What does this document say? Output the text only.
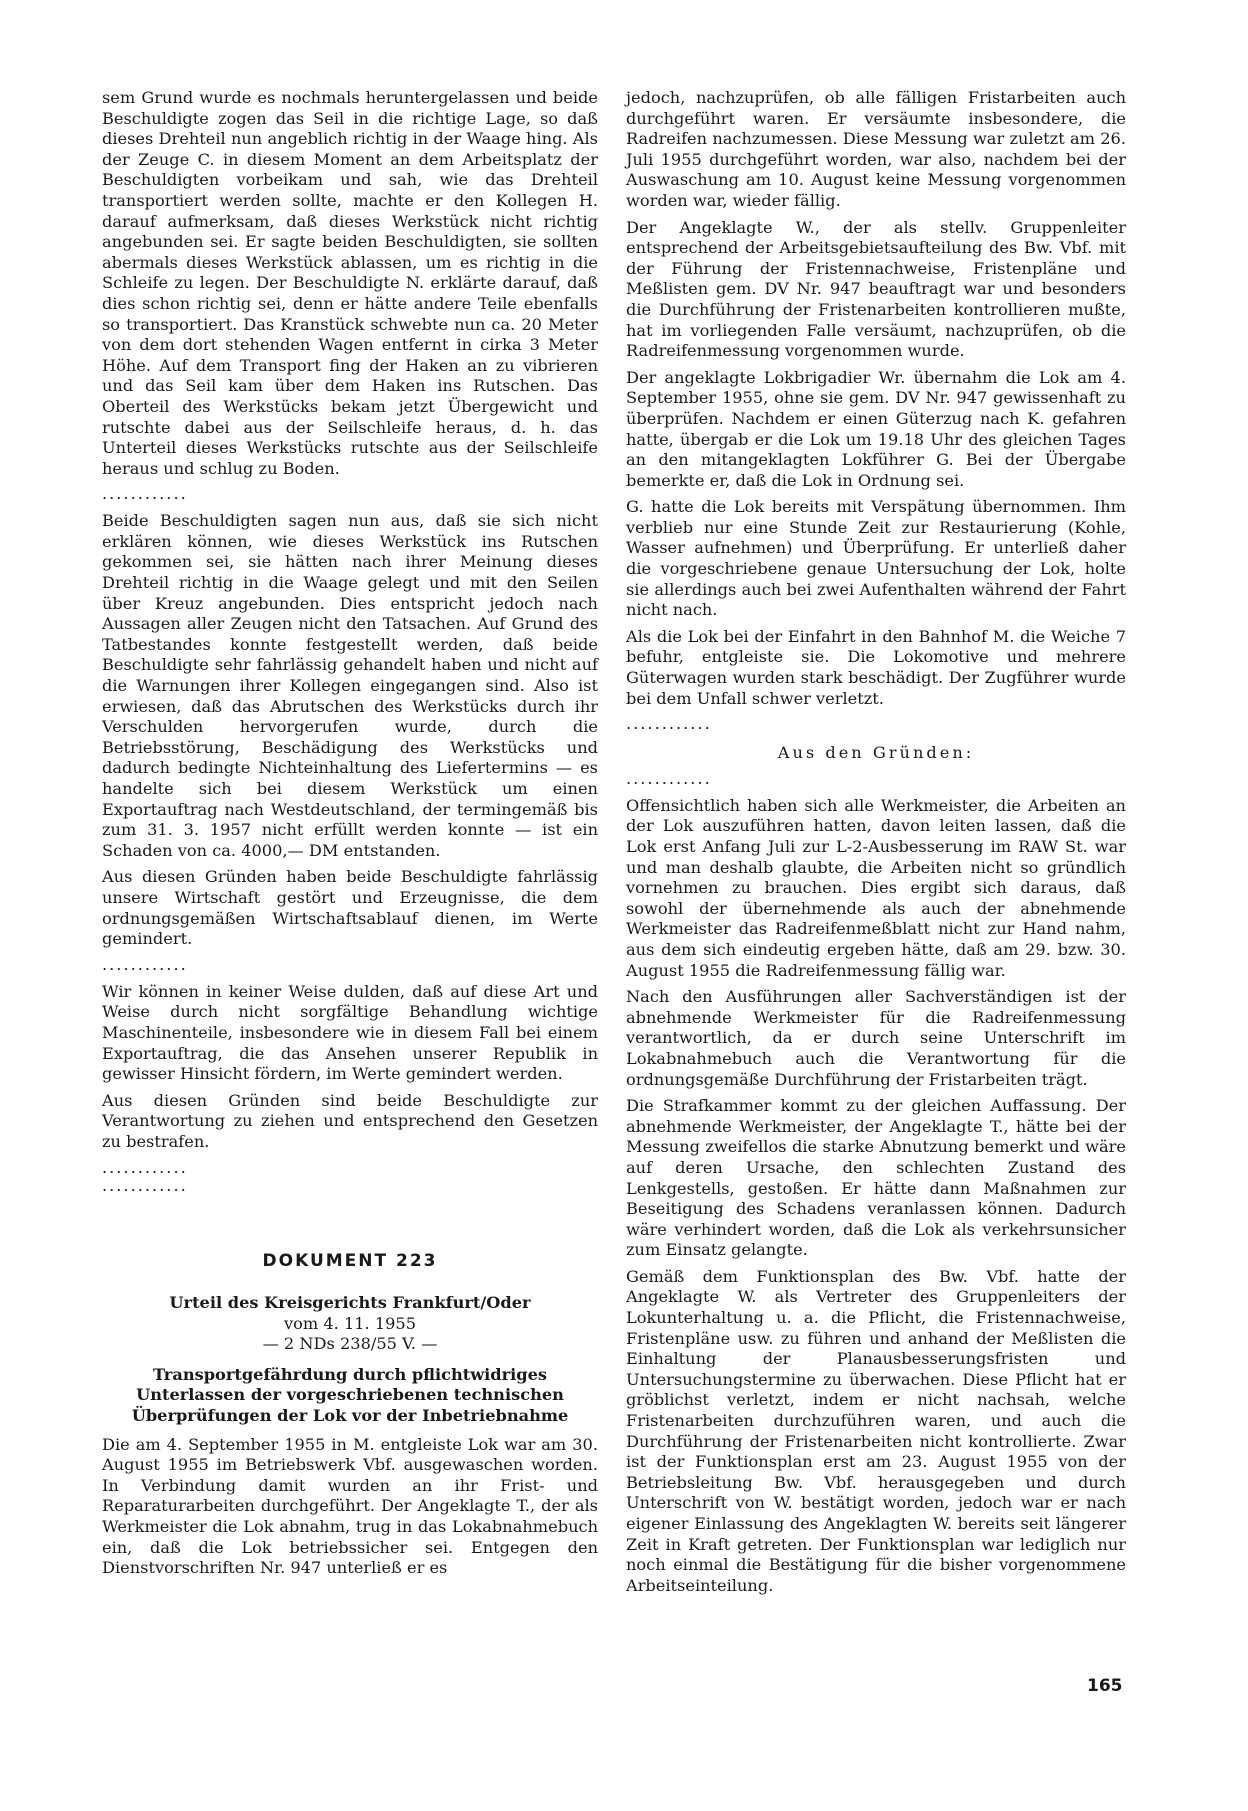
sem Grund wurde es nochmals heruntergelassen und beide Beschuldigte zogen das Seil in die richtige Lage, so daß dieses Drehteil nun angeblich richtig in der Waage hing. Als der Zeuge C. in diesem Moment an dem Arbeitsplatz der Beschuldigten vorbeikam und sah, wie das Drehteil transportiert werden sollte, machte er den Kollegen H. darauf aufmerksam, daß dieses Werkstück nicht richtig angebunden sei. Er sagte beiden Beschuldigten, sie sollten abermals dieses Werkstück ablassen, um es richtig in die Schleife zu legen. Der Beschuldigte N. erklärte darauf, daß dies schon richtig sei, denn er hätte andere Teile ebenfalls so transportiert. Das Kranstück schwebte nun ca. 20 Meter von dem dort stehenden Wagen entfernt in cirka 3 Meter Höhe. Auf dem Transport fing der Haken an zu vibrieren und das Seil kam über dem Haken ins Rutschen. Das Oberteil des Werkstücks bekam jetzt Übergewicht und rutschte dabei aus der Seilschleife heraus, d. h. das Unterteil dieses Werkstücks rutschte aus der Seilschleife heraus und schlug zu Boden.

............

Beide Beschuldigten sagen nun aus, daß sie sich nicht erklären können, wie dieses Werkstück ins Rutschen gekommen sei, sie hätten nach ihrer Meinung dieses Drehteil richtig in die Waage gelegt und mit den Seilen über Kreuz angebunden. Dies entspricht jedoch nach Aussagen aller Zeugen nicht den Tatsachen. Auf Grund des Tatbestandes konnte festgestellt werden, daß beide Beschuldigte sehr fahrlässig gehandelt haben und nicht auf die Warnungen ihrer Kollegen eingegangen sind. Also ist erwiesen, daß das Abrutschen des Werkstücks durch ihr Verschulden hervorgerufen wurde, durch die Betriebsstörung, Beschädigung des Werkstücks und dadurch bedingte Nichteinhaltung des Liefertermins — es handelte sich bei diesem Werkstück um einen Exportauftrag nach Westdeutschland, der termingemäß bis zum 31. 3. 1957 nicht erfüllt werden konnte — ist ein Schaden von ca. 4000,— DM entstanden.

Aus diesen Gründen haben beide Beschuldigte fahrlässig unsere Wirtschaft gestört und Erzeugnisse, die dem ordnungsgemäßen Wirtschaftsablauf dienen, im Werte gemindert.

............

Wir können in keiner Weise dulden, daß auf diese Art und Weise durch nicht sorgfältige Behandlung wichtige Maschinenteile, insbesondere wie in diesem Fall bei einem Exportauftrag, die das Ansehen unserer Republik in gewisser Hinsicht fördern, im Werte gemindert werden.

Aus diesen Gründen sind beide Beschuldigte zur Verantwortung zu ziehen und entsprechend den Gesetzen zu bestrafen.

............
............
DOKUMENT 223

Urteil des Kreisgerichts Frankfurt/Oder

vom 4. 11. 1955

— 2 NDs 238/55 V. —

Transportgefährdung durch pflichtwidriges Unterlassen der vorgeschriebenen technischen Überprüfungen der Lok vor der Inbetriebnahme

Die am 4. September 1955 in M. entgleiste Lok war am 30. August 1955 im Betriebswerk Vbf. ausgewaschen worden. In Verbindung damit wurden an ihr Frist- und Reparaturarbeiten durchgeführt. Der Angeklagte T., der als Werkmeister die Lok abnahm, trug in das Lokabnahmebuch ein, daß die Lok betriebssicher sei. Entgegen den Dienstvorschriften Nr. 947 unterließ er es

jedoch, nachzuprüfen, ob alle fälligen Fristarbeiten auch durchgeführt waren. Er versäumte insbesondere, die Radreifen nachzumessen. Diese Messung war zuletzt am 26. Juli 1955 durchgeführt worden, war also, nachdem bei der Auswaschung am 10. August keine Messung vorgenommen worden war, wieder fällig.

Der Angeklagte W., der als stellv. Gruppenleiter entsprechend der Arbeitsgebietsaufteilung des Bw. Vbf. mit der Führung der Fristennachweise, Fristenpläne und Meßlisten gem. DV Nr. 947 beauftragt war und besonders die Durchführung der Fristenarbeiten kontrollieren mußte, hat im vorliegenden Falle versäumt, nachzuprüfen, ob die Radreifenmessung vorgenommen wurde.

Der angeklagte Lokbrigadier Wr. übernahm die Lok am 4. September 1955, ohne sie gem. DV Nr. 947 gewissenhaft zu überprüfen. Nachdem er einen Güterzug nach K. gefahren hatte, übergab er die Lok um 19.18 Uhr des gleichen Tages an den mitangeklagten Lokführer G. Bei der Übergabe bemerkte er, daß die Lok in Ordnung sei.

G. hatte die Lok bereits mit Verspätung übernommen. Ihm verblieb nur eine Stunde Zeit zur Restaurierung (Kohle, Wasser aufnehmen) und Überprüfung. Er unterließ daher die vorgeschriebene genaue Untersuchung der Lok, holte sie allerdings auch bei zwei Aufenthalten während der Fahrt nicht nach.

Als die Lok bei der Einfahrt in den Bahnhof M. die Weiche 7 befuhr, entgleiste sie. Die Lokomotive und mehrere Güterwagen wurden stark beschädigt. Der Zugführer wurde bei dem Unfall schwer verletzt.

............

Aus den Gründen:

............

Offensichtlich haben sich alle Werkmeister, die Arbeiten an der Lok auszuführen hatten, davon leiten lassen, daß die Lok erst Anfang Juli zur L-2-Ausbesserung im RAW St. war und man deshalb glaubte, die Arbeiten nicht so gründlich vornehmen zu brauchen. Dies ergibt sich daraus, daß sowohl der übernehmende als auch der abnehmende Werkmeister das Radreifenmeßblatt nicht zur Hand nahm, aus dem sich eindeutig ergeben hätte, daß am 29. bzw. 30. August 1955 die Radreifenmessung fällig war.

Nach den Ausführungen aller Sachverständigen ist der abnehmende Werkmeister für die Radreifenmessung verantwortlich, da er durch seine Unterschrift im Lokabnahmebuch auch die Verantwortung für die ordnungsgemäße Durchführung der Fristarbeiten trägt.

Die Strafkammer kommt zu der gleichen Auffassung. Der abnehmende Werkmeister, der Angeklagte T., hätte bei der Messung zweifellos die starke Abnutzung bemerkt und wäre auf deren Ursache, den schlechten Zustand des Lenkgestells, gestoßen. Er hätte dann Maßnahmen zur Beseitigung des Schadens veranlassen können. Dadurch wäre verhindert worden, daß die Lok als verkehrsunsicher zum Einsatz gelangte.

Gemäß dem Funktionsplan des Bw. Vbf. hatte der Angeklagte W. als Vertreter des Gruppenleiters der Lokunterhaltung u. a. die Pflicht, die Fristennachweise, Fristenpläne usw. zu führen und anhand der Meßlisten die Einhaltung der Planausbesserungsfristen und Untersuchungstermine zu überwachen. Diese Pflicht hat er gröblichst verletzt, indem er nicht nachsah, welche Fristenarbeiten durchzuführen waren, und auch die Durchführung der Fristenarbeiten nicht kontrollierte. Zwar ist der Funktionsplan erst am 23. August 1955 von der Betriebsleitung Bw. Vbf. herausgegeben und durch Unterschrift von W. bestätigt worden, jedoch war er nach eigener Einlassung des Angeklagten W. bereits seit längerer Zeit in Kraft getreten. Der Funktionsplan war lediglich nur noch einmal die Bestätigung für die bisher vorgenommene Arbeitseinteilung.

165
